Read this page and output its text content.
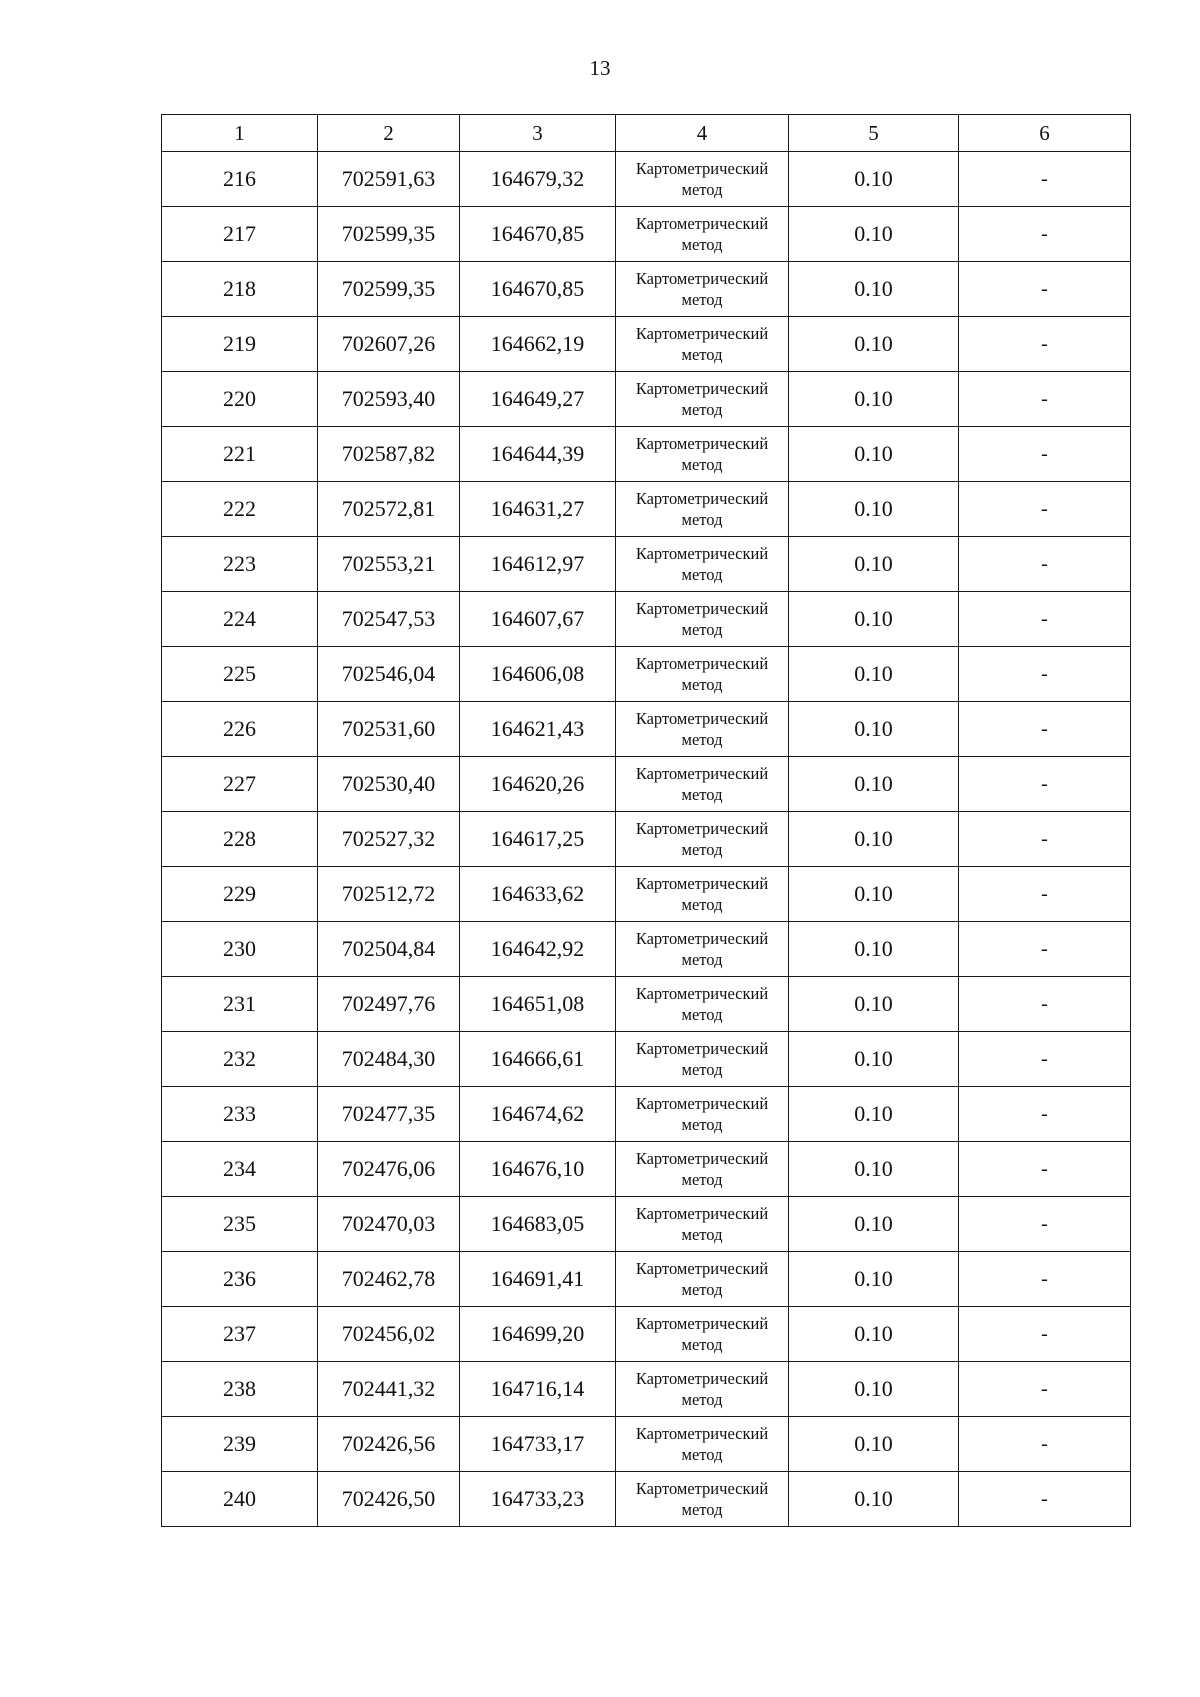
13
1	2	3	4	5	6
216	702591,63	164679,32	Картометрический метод	0.10	-
217	702599,35	164670,85	Картометрический метод	0.10	-
218	702599,35	164670,85	Картометрический метод	0.10	-
219	702607,26	164662,19	Картометрический метод	0.10	-
220	702593,40	164649,27	Картометрический метод	0.10	-
221	702587,82	164644,39	Картометрический метод	0.10	-
222	702572,81	164631,27	Картометрический метод	0.10	-
223	702553,21	164612,97	Картометрический метод	0.10	-
224	702547,53	164607,67	Картометрический метод	0.10	-
225	702546,04	164606,08	Картометрический метод	0.10	-
226	702531,60	164621,43	Картометрический метод	0.10	-
227	702530,40	164620,26	Картометрический метод	0.10	-
228	702527,32	164617,25	Картометрический метод	0.10	-
229	702512,72	164633,62	Картометрический метод	0.10	-
230	702504,84	164642,92	Картометрический метод	0.10	-
231	702497,76	164651,08	Картометрический метод	0.10	-
232	702484,30	164666,61	Картометрический метод	0.10	-
233	702477,35	164674,62	Картометрический метод	0.10	-
234	702476,06	164676,10	Картометрический метод	0.10	-
235	702470,03	164683,05	Картометрический метод	0.10	-
236	702462,78	164691,41	Картометрический метод	0.10	-
237	702456,02	164699,20	Картометрический метод	0.10	-
238	702441,32	164716,14	Картометрический метод	0.10	-
239	702426,56	164733,17	Картометрический метод	0.10	-
240	702426,50	164733,23	Картометрический метод	0.10	-
